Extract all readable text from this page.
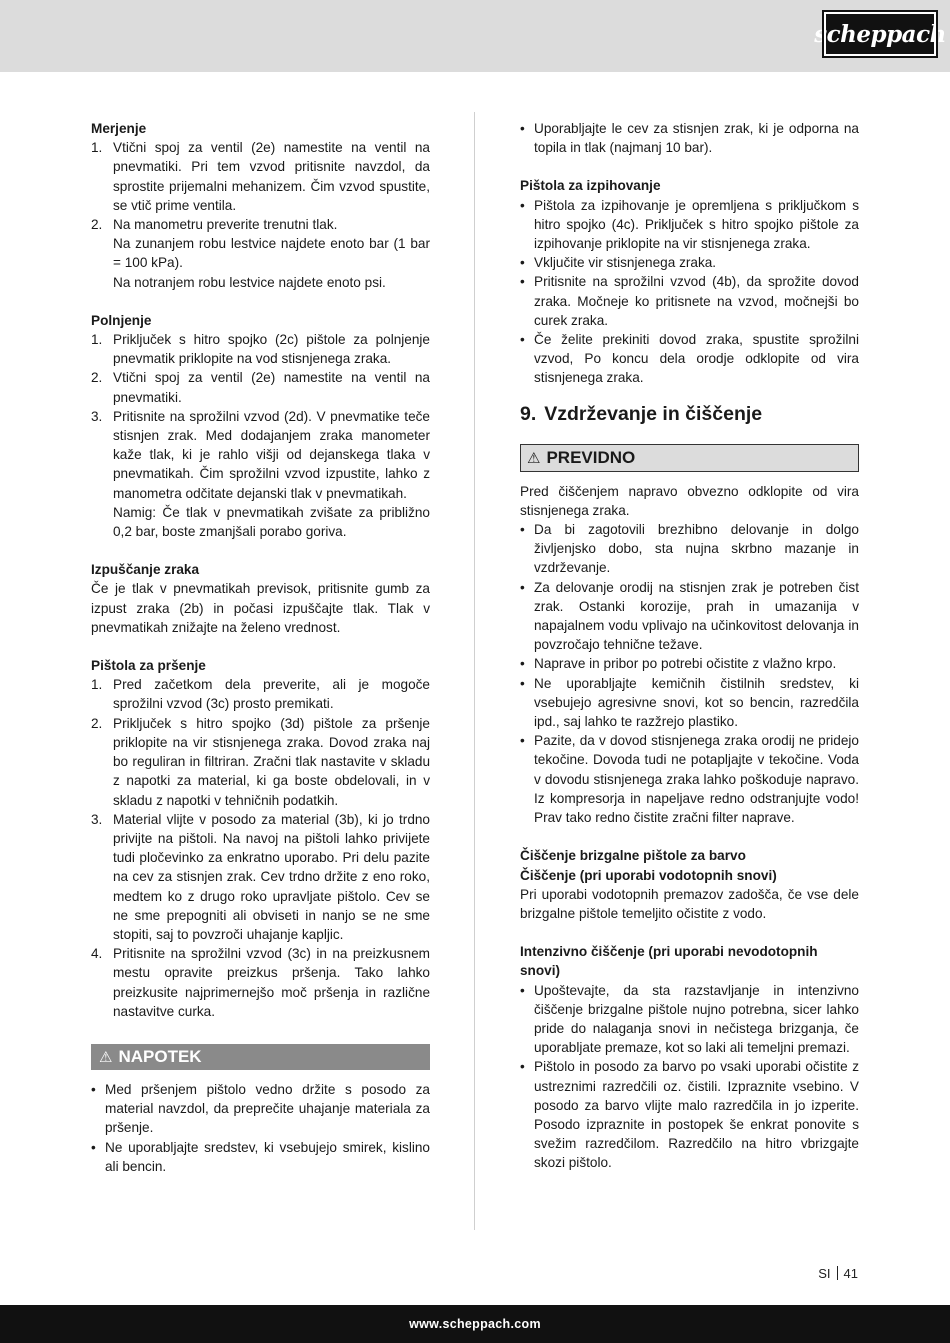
scheppach

Merjenje

1. Vtični spoj za ventil (2e) namestite na ventil na pnevmatiki. Pri tem vzvod pritisnite navzdol, da sprostite prijemalni mehanizem. Čim vzvod spustite, se vtič prime ventila.
2. Na manometru preverite trenutni tlak.
Na zunanjem robu lestvice najdete enoto bar (1 bar = 100 kPa).
Na notranjem robu lestvice najdete enoto psi.

Polnjenje

1. Priključek s hitro spojko (2c) pištole za polnjenje pnevmatik priklopite na vod stisnjenega zraka.
2. Vtični spoj za ventil (2e) namestite na ventil na pnevmatiki.
3. Pritisnite na sprožilni vzvod (2d). V pnevmatike teče stisnjen zrak. Med dodajanjem zraka manometer kaže tlak, ki je rahlo višji od dejanskega tlaka v pnevmatikah. Čim sprožilni vzvod izpustite, lahko z manometra odčitate dejanski tlak v pnevmatikah.
Namig: Če tlak v pnevmatikah zvišate za približno 0,2 bar, boste zmanjšali porabo goriva.

Izpuščanje zraka

Če je tlak v pnevmatikah previsok, pritisnite gumb za izpust zraka (2b) in počasi izpuščajte tlak. Tlak v pnevmatikah znižajte na želeno vrednost.

Pištola za pršenje

1. Pred začetkom dela preverite, ali je mogoče sprožilni vzvod (3c) prosto premikati.
2. Priključek s hitro spojko (3d) pištole za pršenje priklopite na vir stisnjenega zraka. Dovod zraka naj bo reguliran in filtriran. Zračni tlak nastavite v skladu z napotki za material, ki ga boste obdelovali, in v skladu z napotki v tehničnih podatkih.
3. Material vlijte v posodo za material (3b), ki jo trdno privijte na pištoli. Na navoj na pištoli lahko privijete tudi pločevinko za enkratno uporabo. Pri delu pazite na cev za stisnjen zrak. Cev trdno držite z eno roko, medtem ko z drugo roko upravljate pištolo. Cev se ne sme prepogniti ali obviseti in nanjo se ne sme stopiti, saj to povzroči uhajanje kapljic.
4. Pritisnite na sprožilni vzvod (3c) in na preizkusnem mestu opravite preizkus pršenja. Tako lahko preizkusite najprimernejšo moč pršenja in različne nastavitve curka.
⚠ NAPOTEK
• Med pršenjem pištolo vedno držite s posodo za material navzdol, da preprečite uhajanje materiala za pršenje.
• Ne uporabljajte sredstev, ki vsebujejo smirek, kislino ali bencin.
• Uporabljajte le cev za stisnjen zrak, ki je odporna na topila in tlak (najmanj 10 bar).

Pištola za izpihovanje

• Pištola za izpihovanje je opremljena s priključkom s hitro spojko (4c). Priključek s hitro spojko pištole za izpihovanje priklopite na vir stisnjenega zraka.
• Vključite vir stisnjenega zraka.
• Pritisnite na sprožilni vzvod (4b), da sprožite dovod zraka. Močneje ko pritisnete na vzvod, močnejši bo curek zraka.
• Če želite prekiniti dovod zraka, spustite sprožilni vzvod, Po koncu dela orodje odklopite od vira stisnjenega zraka.
9. Vzdrževanje in čiščenje
⚠ PREVIDNO

Pred čiščenjem napravo obvezno odklopite od vira stisnjenega zraka.

• Da bi zagotovili brezhibno delovanje in dolgo življenjsko dobo, sta nujna skrbno mazanje in vzdrževanje.
• Za delovanje orodij na stisnjen zrak je potreben čist zrak. Ostanki korozije, prah in umazanija v napajalnem vodu vplivajo na učinkovitost delovanja in povzročajo tehnične težave.
• Naprave in pribor po potrebi očistite z vlažno krpo.
• Ne uporabljajte kemičnih čistilnih sredstev, ki vsebujejo agresivne snovi, kot so bencin, razredčila ipd., saj lahko te razžrejo plastiko.
• Pazite, da v dovod stisnjenega zraka orodij ne pridejo tekočine. Dovoda tudi ne potapljajte v tekočine. Voda v dovodu stisnjenega zraka lahko poškoduje napravo. Iz kompresorja in napeljave redno odstranjujte vodo! Prav tako redno čistite zračni filter naprave.

Čiščenje brizgalne pištole za barvo

Čiščenje (pri uporabi vodotopnih snovi)

Pri uporabi vodotopnih premazov zadošča, če vse dele brizgalne pištole temeljito očistite z vodo.

Intenzivno čiščenje (pri uporabi nevodotopnih snovi)

• Upoštevajte, da sta razstavljanje in intenzivno čiščenje brizgalne pištole nujno potrebna, sicer lahko pride do nalaganja snovi in nečistega brizganja, če uporabljate premaze, kot so laki ali temeljni premazi.
• Pištolo in posodo za barvo po vsaki uporabi očistite z ustreznimi razredčili oz. čistili. Izpraznite vsebino. V posodo za barvo vlijte malo razredčila in jo izperite. Posodo izpraznite in postopek še enkrat ponovite s svežim razredčilom. Razredčilo na hitro vbrizgajte skozi pištolo.
SI 41
www.scheppach.com
